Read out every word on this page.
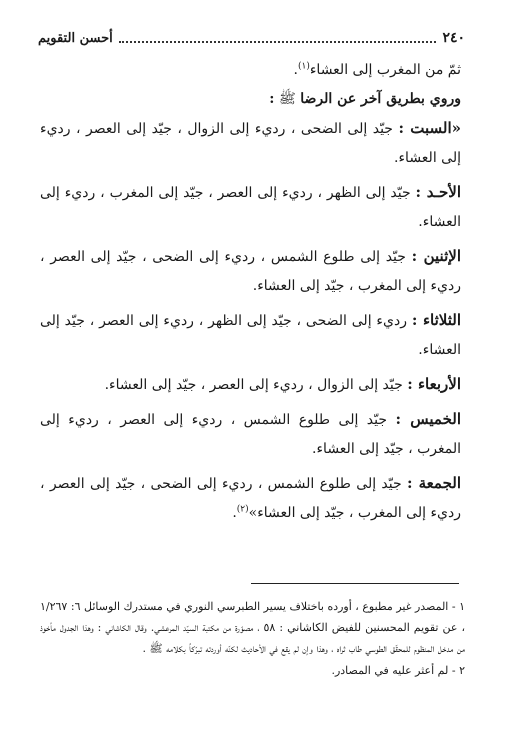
٢٤٠
أحسن التقويم

ثمّ من المغرب إلى العشاء$^{(١)}$.

وروي بطريق آخر عن الرضا ﷺ :

«السبت : جيّد إلى الضحى ، رديء إلى الزوال ، جيّد إلى العصر ، رديء إلى العشاء.

الأحـد : جيّد إلى الظهر ، رديء إلى العصر ، جيّد إلى المغرب ، رديء إلى العشاء.

الإثنين : جيّد إلى طلوع الشمس ، رديء إلى الضحى ، جيّد إلى العصر ، رديء إلى المغرب ، جيّد إلى العشاء.

الثلاثاء : رديء إلى الضحى ، جيّد إلى الظهر ، رديء إلى العصر ، جيّد إلى العشاء.

الأربعاء : جيّد إلى الزوال ، رديء إلى العصر ، جيّد إلى العشاء.

الخميس : جيّد إلى طلوع الشمس ، رديء إلى العصر ، رديء إلى المغرب ، جيّد إلى العشاء.

الجمعة : جيّد إلى طلوع الشمس ، رديء إلى الضحى ، جيّد إلى العصر ، رديء إلى المغرب ، جيّد إلى العشاء»$^{(٢)}$.

١ - المصدر غير مطبوع ، أورده باختلاف يسير الطبرسي النوري في مستدرك الوسائل ٦: ١/٢٦٧ ، عن تقويم المحسنين للفيض الكاشاني : ٥٨ ، مصوّرة من مكتبة السيّد المرعشي. وقال الكاشاني : وهذا الجدول مأخوذ من مدخل المنظوم للمحقّق الطوسي طاب ثراه ، وهذا وإن لم يقع في الأحاديث لكنّه أوردته تبرّكاً بكلامه ﷺ .

٢ - لم أعثر عليه في المصادر.
